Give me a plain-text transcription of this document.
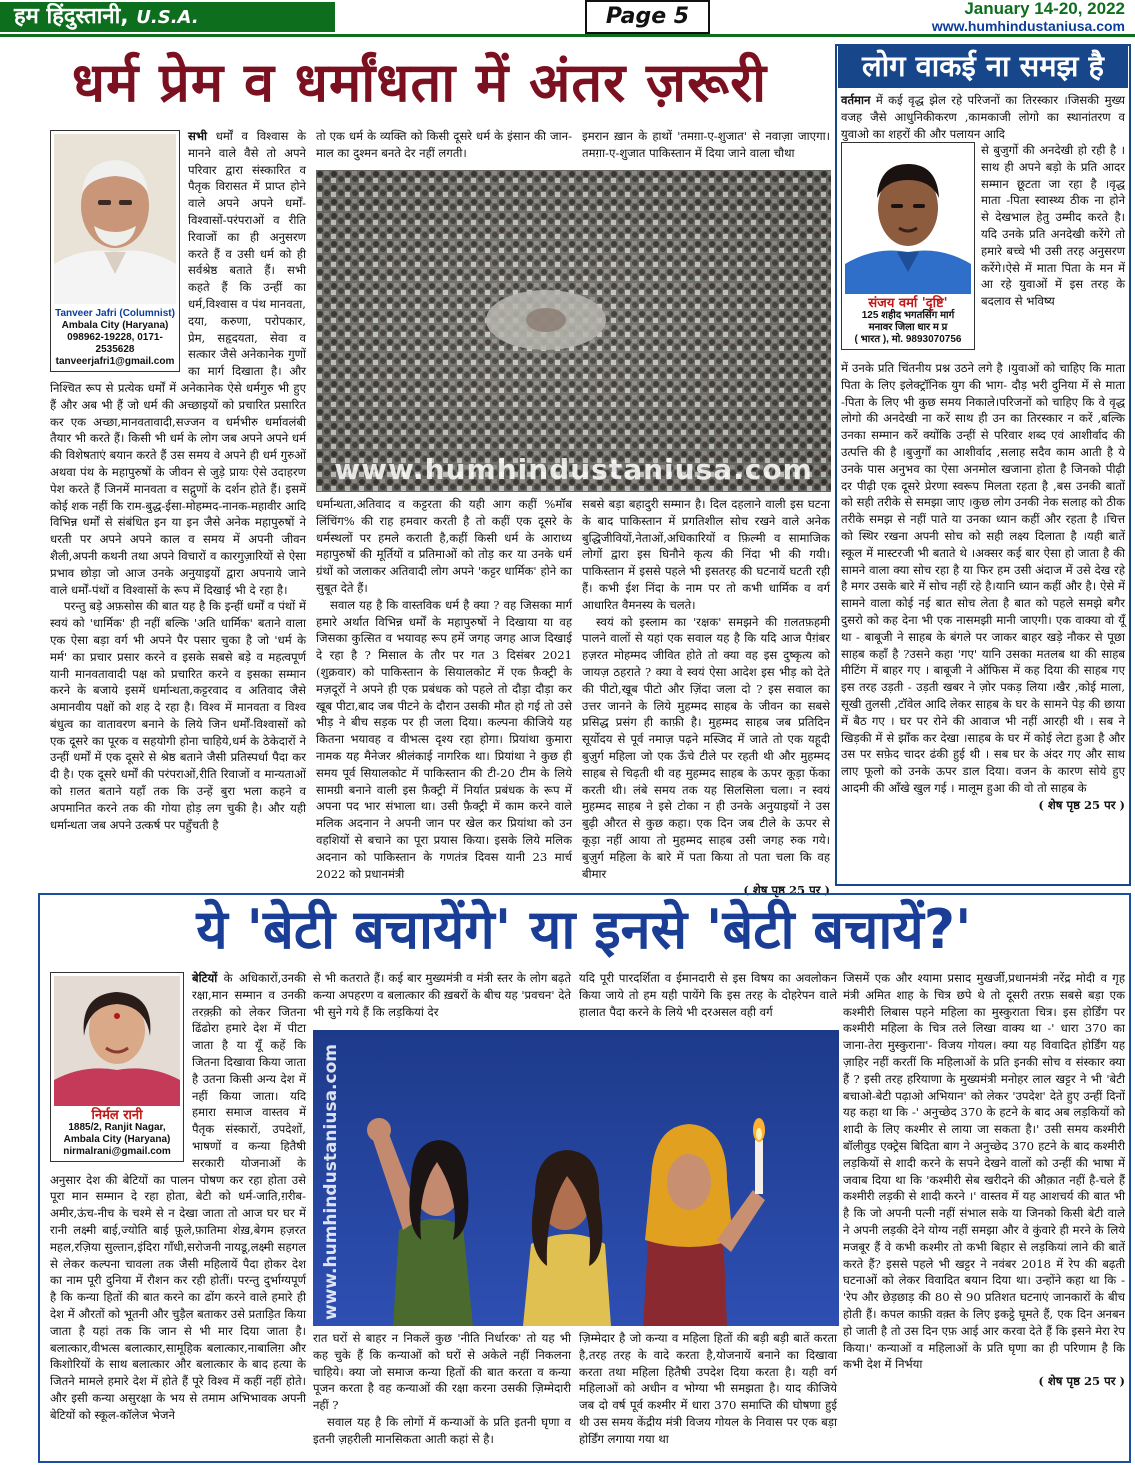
हम हिंदुस्तानी, U.S.A.	Page 5	January 14-20, 2022
www.humhindustaniusa.com
धर्म प्रेम व धर्मांधता में अंतर ज़रूरी
Tanveer Jafri (Columnist)
Ambala City (Haryana)
098962-19228, 0171-2535628
tanveerjafri1@gmail.com

सभी धर्मों व विश्वास के मानने वाले वैसे तो अपने परिवार द्वारा संस्कारित व पैतृक विरासत में प्राप्त होने वाले अपने अपने धर्मों-विश्वासों-परंपराओं व रीति रिवाजों का ही अनुसरण करते हैं व उसी धर्म को ही सर्वश्रेष्ठ बताते हैं। सभी कहते हैं कि उन्हीं का धर्म,विश्वास व पंथ मानवता, दया, करुणा, परोपकार, प्रेम, सहृदयता, सेवा व सत्कार जैसे अनेकानेक गुणों का मार्ग दिखाता है। और निश्चित रूप से प्रत्येक धर्मों में अनेकानेक ऐसे धर्मगुरु भी हुए हैं और अब भी हैं जो धर्म की अच्छाइयों को प्रचारित प्रसारित कर एक अच्छा,मानवतावादी,सज्जन व धर्मभीरु धर्मावलंबी तैयार भी करते हैं। किसी भी धर्म के लोग जब अपने अपने धर्म की विशेषताएं बयान करते हैं उस समय वे अपने ही धर्म गुरुओं अथवा पंथ के महापुरुषों के जीवन से जुड़े प्रायः ऐसे उदाहरण पेश करते हैं जिनमें मानवता व सद्गुणों के दर्शन होते हैं। इसमें कोई शक नहीं कि राम-बुद्ध-ईसा-मोहम्मद-नानक-महावीर आदि विभिन्न धर्मों से संबंधित इन या इन जैसे अनेक महापुरुषों ने धरती पर अपने अपने काल व समय में अपनी जीवन शैली,अपनी कथनी तथा अपने विचारों व कारगुज़ारियों से ऐसा प्रभाव छोड़ा जो आज उनके अनुयाइयों द्वारा अपनाये जाने वाले धर्मों-पंथों व विश्वासों के रूप में दिखाई भी दे रहा है।

परन्तु बड़े अफ़सोस की बात यह है कि इन्हीं धर्मों व पंथों में स्वयं को 'धार्मिक' ही नहीं बल्कि 'अति धार्मिक' बताने वाला एक ऐसा बड़ा वर्ग भी अपने पैर पसार चुका है जो 'धर्म के मर्म' का प्रचार प्रसार करने व इसके सबसे बड़े व महत्वपूर्ण यानी मानवतावादी पक्ष को प्रचारित करने व इसका सम्मान करने के बजाये इसमें धर्मान्धता,कट्टरवाद व अतिवाद जैसे अमानवीय पक्षों को शह दे रहा है। विश्व में मानवता व विश्व बंधुत्व का वातावरण बनाने के लिये जिन धर्मों-विश्वासों को एक दूसरे का पूरक व सहयोगी होना चाहिये,धर्म के ठेकेदारों ने उन्हीं धर्मों में एक दूसरे से श्रेष्ठ बताने जैसी प्रतिस्पर्धा पैदा कर दी है। एक दूसरे धर्मों की परंपराओं,रीति रिवाजों व मान्यताओं को ग़लत बताने यहाँ तक कि उन्हें बुरा भला कहने व अपमानित करने तक की गोया होड़ लग चुकी है। और यही धर्मान्धता जब अपने उत्कर्ष पर पहुँचती है

तो एक धर्म के व्यक्ति को किसी दूसरे धर्म के इंसान की जान-माल का दुश्मन बनते देर नहीं लगती।

इमरान ख़ान के हाथों 'तमग़ा-ए-शुजात' से नवाज़ा जाएगा। तमग़ा-ए-शुजात पाकिस्तान में दिया जाने वाला चौथा

www.humhindustaniusa.com

धर्मान्धता,अतिवाद व कट्टरता की यही आग कहीं %मॉब लिंचिंग% की राह हमवार करती है तो कहीं एक दूसरे के धर्मस्थलों पर हमले कराती है,कहीं किसी धर्म के आराध्य महापुरुषों की मूर्तियों व प्रतिमाओं को तोड़ कर या उनके धर्म ग्रंथों को जलाकर अतिवादी लोग अपने 'कट्टर धार्मिक' होने का सुबूत देते हैं।

सवाल यह है कि वास्तविक धर्म है क्या ? वह जिसका मार्ग हमारे अर्थात विभिन्न धर्मों के महापुरुषों ने दिखाया या वह जिसका कुत्सित व भयावह रूप हमें जगह जगह आज दिखाई दे रहा है ? मिसाल के तौर पर गत 3 दिसंबर 2021 (शुक्रवार) को पाकिस्तान के सियालकोट में एक फ़ैक्ट्री के मज़दूरों ने अपने ही एक प्रबंधक को पहले तो दौड़ा दौड़ा कर खूब पीटा,बाद जब पीटने के दौरान उसकी मौत हो गई तो उसे भीड़ ने बीच सड़क पर ही जला दिया। कल्पना कीजिये यह कितना भयावह व वीभत्स दृश्य रहा होगा। प्रियांथा कुमारा नामक यह मैनेजर श्रीलंकाई नागरिक था। प्रियांथा ने कुछ ही समय पूर्व सियालकोट में पाकिस्तान की टी-20 टीम के लिये सामग्री बनाने वाली इस फ़ैक्ट्री में निर्यात प्रबंधक के रूप में अपना पद भार संभाला था। उसी फ़ैक्ट्री में काम करने वाले मलिक अदनान ने अपनी जान पर खेल कर प्रियांथा को उन वहशियों से बचाने का पूरा प्रयास किया। इसके लिये मलिक अदनान को पाकिस्तान के गणतंत्र दिवस यानी 23 मार्च 2022 को प्रधानमंत्री

सबसे बड़ा बहादुरी सम्मान है। दिल दहलाने वाली इस घटना के बाद पाकिस्तान में प्रगतिशील सोच रखने वाले अनेक बुद्धिजीवियों,नेताओं,अधिकारियों व फ़िल्मी व सामाजिक लोगों द्वारा इस घिनौने कृत्य की निंदा भी की गयी। पाकिस्तान में इससे पहले भी इसतरह की घटनायें घटती रही हैं। कभी ईश निंदा के नाम पर तो कभी धार्मिक व वर्ग आधारित वैमनस्य के चलते।

स्वयं को इस्लाम का 'रक्षक' समझने की ग़लतफ़हमी पालने वालों से यहां एक सवाल यह है कि यदि आज पैग़ंबर हज़रत मोहम्मद जीवित होते तो क्या वह इस दुष्कृत्य को जायज़ ठहराते ? क्या वे स्वयं ऐसा आदेश इस भीड़ को देते की पीटो,खूब पीटो और ज़िंदा जला दो ? इस सवाल का उत्तर जानने के लिये मुहम्मद साहब के जीवन का सबसे प्रसिद्ध प्रसंग ही काफ़ी है। मुहम्मद साहब जब प्रतिदिन सूर्योदय से पूर्व नमाज़ पढ़ने मस्जिद में जाते तो एक यहूदी बुज़ुर्ग महिला जो एक ऊँचे टीले पर रहती थी और मुहम्मद साहब से चिढ़ती थी वह मुहम्मद साहब के ऊपर कूड़ा फेंका करती थी। लंबे समय तक यह सिलसिला चला। न स्वयं मुहम्मद साहब ने इसे टोका न ही उनके अनुयाइयों ने उस बुढ़ी औरत से कुछ कहा। एक दिन जब टीले के ऊपर से कूड़ा नहीं आया तो मुहम्मद साहब उसी जगह रुक गये। बुज़ुर्ग महिला के बारे में पता किया तो पता चला कि वह बीमार

( शेष पृष्ठ 25 पर )
लोग वाकई ना समझ है

वर्तमान में कई वृद्ध झेल रहे परिजनों का तिरस्कार ।जिसकी मुख्य वजह जैसे आधुनिकीकरण ,कामकाजी लोगो का स्थानांतरण व युवाओ का शहरों की और पलायन आदि

संजय वर्मा 'दृष्टि'
125 शहीद भगतसिंग मार्ग
मनावर जिला धार म प्र
( भारत ), मो. 9893070756

से बुजुर्गो की अनदेखी हो रही है ।साथ ही अपने बड़ो के प्रति आदर सम्मान छूटता जा रहा है ।वृद्ध माता -पिता स्वास्थ्य ठीक ना होने से देखभाल हेतु उम्मीद करते है। यदि उनके प्रति अनदेखी करेंगे तो हमारे बच्चे भी उसी तरह अनुसरण करेंगे।ऐसे में माता पिता के मन में आ रहे युवाओं में इस तरह के बदलाव से भविष्य

में उनके प्रति चिंतनीय प्रश्न उठने लगे है ।युवाओं को चाहिए कि माता पिता के लिए इलेक्ट्रॉनिक युग की भाग- दौड़ भरी दुनिया में से माता -पिता के लिए भी कुछ समय निकाले।परिजनों को चाहिए कि वे वृद्ध लोगो की अनदेखी ना करें साथ ही उन का तिरस्कार न करें ,बल्कि उनका सम्मान करें क्योंकि उन्हीं से परिवार शब्द एवं आशीर्वाद की उत्पत्ति की है ।बुजुर्गों का आशीर्वाद ,सलाह सदैव काम आती है ये उनके पास अनुभव का ऐसा अनमोल खजाना होता है जिनको पीढ़ी दर पीढ़ी एक दूसरे प्रेरणा स्वरूप मिलता रहता है ,बस उनकी बातों को सही तरीके से समझा जाए ।कुछ लोग उनकी नेक सलाह को ठीक तरीके समझ से नहीं पाते या उनका ध्यान कहीं और रहता है ।चित्त को स्थिर रखना अपनी सोच को सही लक्ष्य दिलाता है ।यही बातें स्कूल में मास्टरजी भी बताते थे ।अक्सर कई बार ऐसा हो जाता है की सामने वाला क्या सोच रहा है या फिर हम उसी अंदाज में उसे देख रहे है मगर उसके बारे में सोच नहीं रहे है।यानि ध्यान कहीं और है। ऐसे में सामने वाला कोई नई बात सोच लेता है बात को पहले समझे बगैर दुसरो को कह देना भी एक नासमझी मानी जाएगी। एक वाक्या वो यूँ था - बाबूजी ने साहब के बंगले पर जाकर बाहर खड़े नौकर से पूछा साहब कहाँ है ?उसने कहा 'गए' यानि उसका मतलब था की साहब मीटिंग में बाहर गए । बाबूजी ने ऑफिस में कह दिया की साहब गए इस तरह उड़ती - उड़ती खबर ने ज़ोर पकड़ लिया ।खैर ,कोई माला, सूखी तुलसी ,टॉवेल आदि लेकर साहब के घर के सामने पेड़ की छाया में बैठ गए । घर पर रोने की आवाज भी नहीं आरही थी । सब ने खिड़की में से झाँक कर देखा ।साहब के घर में कोई लेटा हुआ है और उस पर सफ़ेद चादर ढंकी हुई थी । सब घर के अंदर गए और साथ लाए फूलो को उनके ऊपर डाल दिया। वजन के कारण सोये हुए आदमी की आँखे खुल गई । मालूम हुआ की वो तो साहब के

( शेष पृष्ठ 25 पर )
ये 'बेटी बचायेंगे' या इनसे 'बेटी बचायें?'
निर्मल रानी
1885/2, Ranjit Nagar,
Ambala City (Haryana)
nirmalrani@gmail.com

बेटियों के अधिकारों,उनकी रक्षा,मान सम्मान व उनकी तरक़्क़ी को लेकर जितना ढिंढोरा हमारे देश में पीटा जाता है या यूँ कहें कि जितना दिखावा किया जाता है उतना किसी अन्य देश में नहीं किया जाता। यदि हमारा समाज वास्तव में पैतृक संस्कारों, उपदेशों, भाषणों व कन्या हितैषी सरकारी योजनाओं के अनुसार देश की बेटियों का पालन पोषण कर रहा होता उसे पूरा मान सम्मान दे रहा होता, बेटी को धर्म-जाति,ग़रीब-अमीर,ऊंच-नीच के चश्मे से न देखा जाता तो आज घर घर में रानी लक्ष्मी बाई,ज्योति बाई फ़ूले,फ़ातिमा शेख़,बेगम हज़रत महल,रज़िया सुल्तान,इंदिरा गाँधी,सरोजनी नायडू,लक्ष्मी सहगल से लेकर कल्पना चावला तक जैसी महिलायें पैदा होकर देश का नाम पूरी दुनिया में रौशन कर रही होतीं। परन्तु दुर्भाग्यपूर्ण है कि कन्या हितों की बात करने का ढोंग करने वाले हमारे ही देश में औरतों को भूतनी और चुड़ैल बताकर उसे प्रताड़ित किया जाता है यहां तक कि जान से भी मार दिया जाता है। बलात्कार,वीभत्स बलात्कार,सामूहिक बलात्कार,नाबालिग़ और किशोरियों के साथ बलात्कार और बलात्कार के बाद हत्या के जितने मामले हमारे देश में होते हैं पूरे विश्व में कहीं नहीं होते। और इसी कन्या असुरक्षा के भय से तमाम अभिभावक अपनी बेटियों को स्कूल-कॉलेज भेजने

से भी कतराते हैं। कई बार मुख्यमंत्री व मंत्री स्तर के लोग बढ़ते कन्या अपहरण व बलात्कार की ख़बरों के बीच यह 'प्रवचन' देते भी सुने गये हैं कि लड़कियां देर

यदि पूरी पारदर्शिता व ईमानदारी से इस विषय का अवलोकन किया जाये तो हम यही पायेंगे कि इस तरह के दोहरेपन वाले हालात पैदा करने के लिये भी दरअसल वही वर्ग

www.humhindustaniusa.com

रात घरों से बाहर न निकलें कुछ 'नीति निर्धारक' तो यह भी कह चुके हैं कि कन्याओं को घरों से अकेले नहीं निकलना चाहिये। क्या जो समाज कन्या हितों की बात करता व कन्या पूजन करता है वह कन्याओं की रक्षा करना उसकी ज़िम्मेदारी नहीं ?

सवाल यह है कि लोगों में कन्याओं के प्रति इतनी घृणा व इतनी ज़हरीली मानसिकता आती कहां से है।

ज़िम्मेदार है जो कन्या व महिला हितों की बड़ी बड़ी बातें करता है,तरह तरह के वादे करता है,योजनायें बनाने का दिखावा करता तथा महिला हितैषी उपदेश दिया करता है। यही वर्ग महिलाओं को अधीन व भोग्या भी समझता है। याद कीजिये जब दो वर्ष पूर्व कश्मीर में धारा 370 समाप्ति की घोषणा हुई थी उस समय केंद्रीय मंत्री विजय गोयल के निवास पर एक बड़ा होर्डिंग लगाया गया था

जिसमें एक और श्यामा प्रसाद मुखर्जी,प्रधानमंत्री नरेंद्र मोदी व गृह मंत्री अमित शाह के चित्र छपे थे तो दूसरी तरफ़ सबसे बड़ा एक कश्मीरी लिबास पहने महिला का मुस्कुराता चित्र। इस होर्डिंग पर कश्मीरी महिला के चित्र तले लिखा वाक्य था -' धारा 370 का जाना-तेरा मुस्कुराना'- विजय गोयल। क्या यह विवादित होर्डिंग यह ज़ाहिर नहीं करतीं कि महिलाओं के प्रति इनकी सोच व संस्कार क्या हैं ? इसी तरह हरियाणा के मुख्यमंत्री मनोहर लाल खट्टर ने भी 'बेटी बचाओ-बेटी पढ़ाओ अभियान' को लेकर 'उपदेश' देते हुए उन्हीं दिनों यह कहा था कि -' अनुच्छेद 370 के हटने के बाद अब लड़कियों को शादी के लिए कश्मीर से लाया जा सकता है।' उसी समय कश्मीरी बॉलीवुड एक्ट्रेस बिदिता बाग ने अनुच्छेद 370 हटने के बाद कश्मीरी लड़कियों से शादी करने के सपने देखने वालों को उन्हीं की भाषा में जवाब दिया था कि 'कश्मीरी सेब खरीदने की औक़ात नहीं है-चले हैं कश्मीरी लड़की से शादी करने ।' वास्तव में यह आशचर्य की बात भी है कि जो अपनी पत्नी नहीं संभाल सके या जिनको किसी बेटी वाले ने अपनी लड़की देने योग्य नहीं समझा और वे कुंवारे ही मरने के लिये मजबूर हैं वे कभी कश्मीर तो कभी बिहार से लड़कियां लाने की बातें करते हैं? इससे पहले भी खट्टर ने नवंबर 2018 में रेप की बढ़ती घटनाओं को लेकर विवादित बयान दिया था। उन्होंने कहा था कि -'रेप और छेड़छाड़ की 80 से 90 प्रतिशत घटनाएं जानकारों के बीच होती हैं। कपल काफ़ी वक़्त के लिए इकट्ठे घूमते हैं, एक दिन अनबन हो जाती है तो उस दिन एफ़ आई आर करवा देते हैं कि इसने मेरा रेप किया।' कन्याओं व महिलाओं के प्रति घृणा का ही परिणाम है कि कभी देश में निर्भया

( शेष पृष्ठ 25 पर )
